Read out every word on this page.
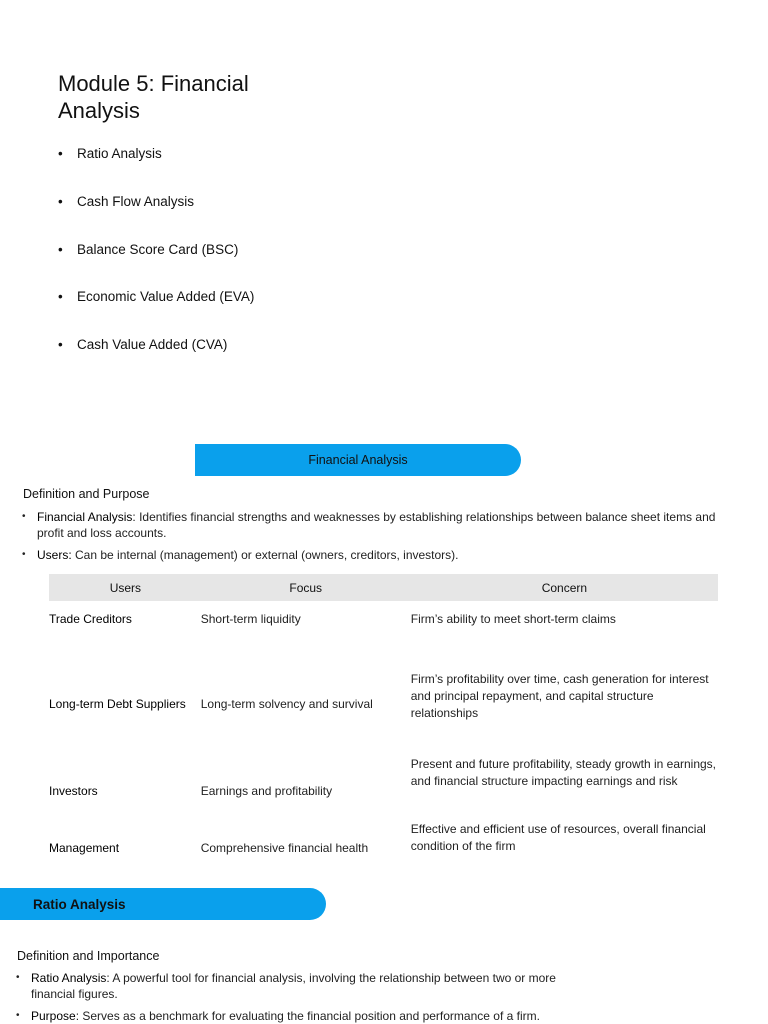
Module 5: Financial Analysis
• Ratio Analysis
• Cash Flow Analysis
• Balance Score Card (BSC)
• Economic Value Added (EVA)
• Cash Value Added (CVA)
Financial Analysis
Definition and Purpose
• Financial Analysis: Identifies financial strengths and weaknesses by establishing relationships between balance sheet items and profit and loss accounts.
• Users: Can be internal (management) or external (owners, creditors, investors).
Users	Focus	Concern
Trade Creditors	Short-term liquidity	Firm’s ability to meet short-term claims
Long-term Debt Suppliers	Long-term solvency and survival	Firm’s profitability over time, cash generation for interest and principal repayment, and capital structure relationships
Investors	Earnings and profitability	Present and future profitability, steady growth in earnings, and financial structure impacting earnings and risk
Management	Comprehensive financial health	Effective and efficient use of resources, overall financial condition of the firm
Ratio Analysis
Definition and Importance
• Ratio Analysis: A powerful tool for financial analysis, involving the relationship between two or more financial figures.
• Purpose: Serves as a benchmark for evaluating the financial position and performance of a firm.
